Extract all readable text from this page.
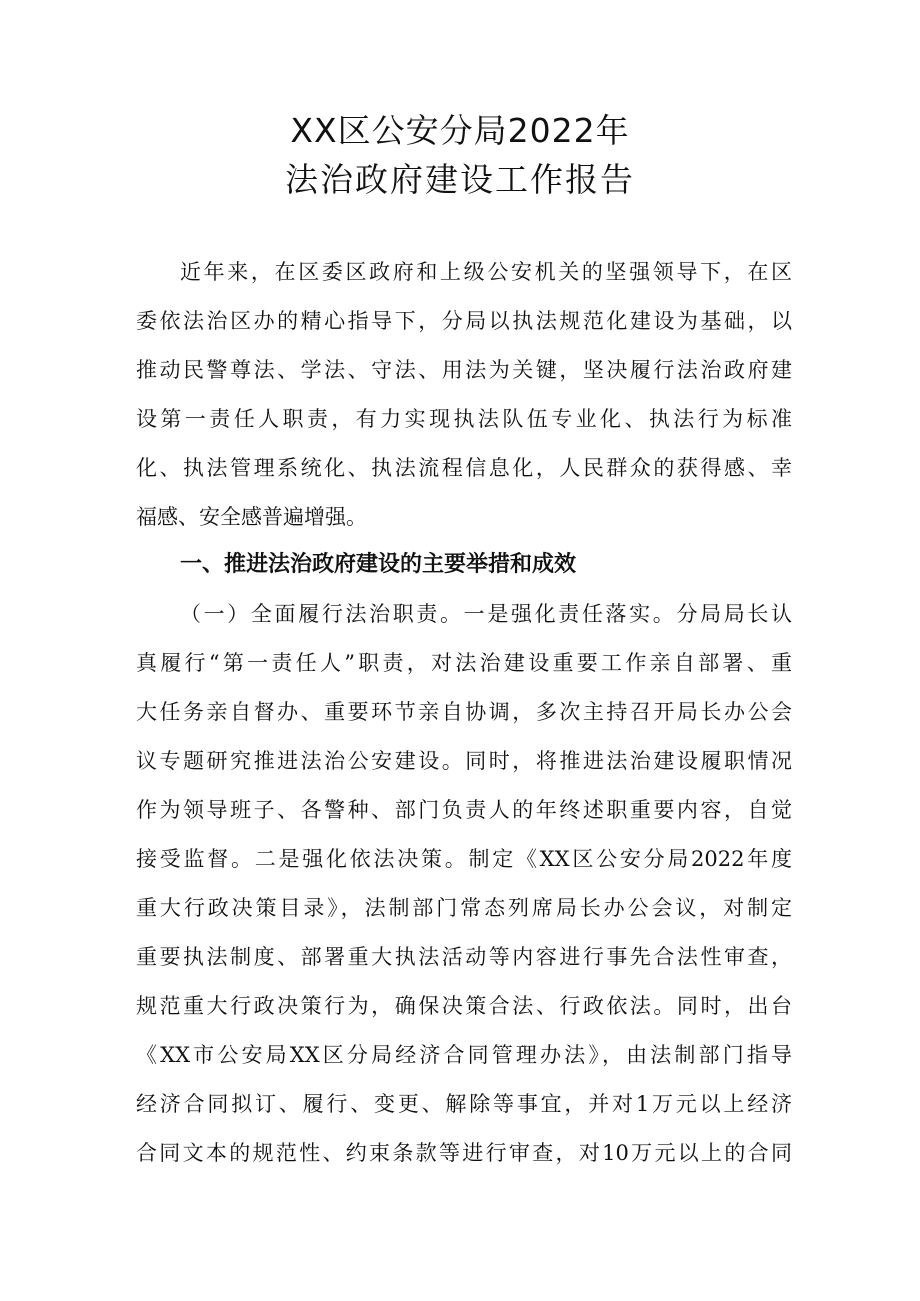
XX区公安分局2022年
法治政府建设工作报告
近年来，在区委区政府和上级公安机关的坚强领导下，在区
委依法治区办的精心指导下，分局以执法规范化建设为基础，以
推动民警尊法、学法、守法、用法为关键，坚决履行法治政府建
设第一责任人职责，有力实现执法队伍专业化、执法行为标准
化、执法管理系统化、执法流程信息化，人民群众的获得感、幸
福感、安全感普遍增强。
一、推进法治政府建设的主要举措和成效
（一）全面履行法治职责。一是强化责任落实。分局局长认
真履行“第一责任人”职责，对法治建设重要工作亲自部署、重
大任务亲自督办、重要环节亲自协调，多次主持召开局长办公会
议专题研究推进法治公安建设。同时，将推进法治建设履职情况
作为领导班子、各警种、部门负责人的年终述职重要内容，自觉
接受监督。二是强化依法决策。制定《XX区公安分局2022年度
重大行政决策目录》，法制部门常态列席局长办公会议，对制定
重要执法制度、部署重大执法活动等内容进行事先合法性审查，
规范重大行政决策行为，确保决策合法、行政依法。同时，出台
《XX市公安局XX区分局经济合同管理办法》，由法制部门指导
经济合同拟订、履行、变更、解除等事宜，并对1万元以上经济
合同文本的规范性、约束条款等进行审查，对10万元以上的合同
